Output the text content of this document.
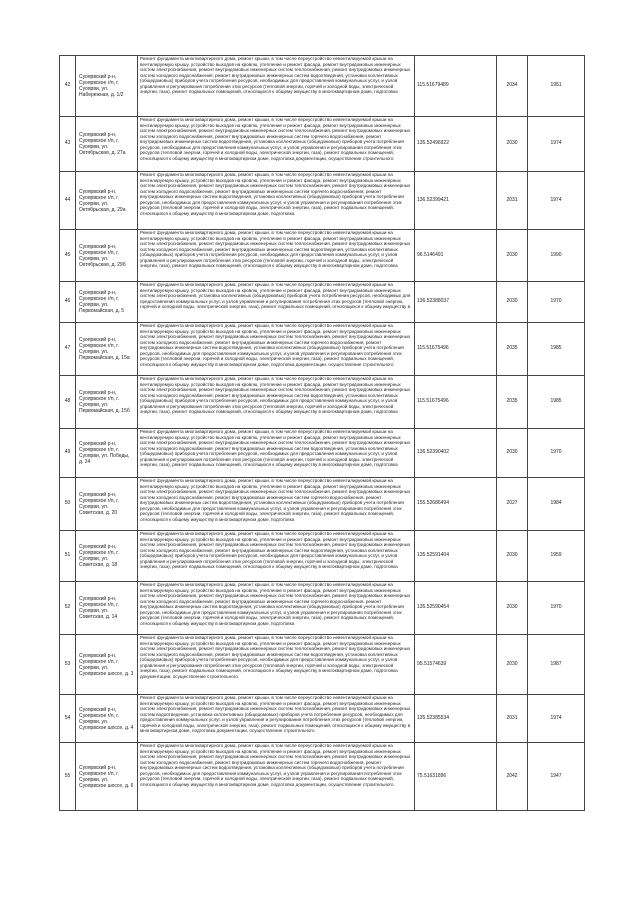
42	Суоярвский р-н, Суоярвское г/п, г. Суоярви, ул. Набережная, д. 1/2	Ремонт фундамента многоквартирного дома, ремонт крыши, в том числе переустройство невентилируемой крыши на вентилируемую крышу, устройство выходов на кровлю, утепление и ремонт фасада, ремонт внутридомовых инженерных систем электроснабжения, ремонт внутридомовых инженерных систем теплоснабжения, ремонт внутридомовых инженерных систем холодного водоснабжения, ремонт внутридомовых инженерных систем водоотведения, установка коллективных (общедомовых) приборов учета потребления ресурсов, необходимых для предоставления коммунальных услуг, и узлов управления и регулирования потребления этих ресурсов (тепловой энергии, горячей и холодной воды, электрической энергии, газа), ремонт подвальных помещений, относящихся к общему имуществу в многоквартирном доме, подготовка	115.51679489	2034	1951
43	Суоярвский р-н, Суоярвское г/п, г. Суоярви, ул. Октябрьская, д. 27а	Ремонт фундамента многоквартирного дома, ремонт крыши, в том числе переустройство невентилируемой крыши на вентилируемую крышу, устройство выходов на кровлю, утепление и ремонт фасада, ремонт внутридомовых инженерных систем электроснабжения, ремонт внутридомовых инженерных систем теплоснабжения, ремонт внутридомовых инженерных систем холодного водоснабжения, ремонт внутридомовых инженерных систем горячего водоснабжения, ремонт внутридомовых инженерных систем водоотведения, установка коллективных (общедомовых) приборов учета потребления ресурсов, необходимых для предоставления коммунальных услуг, и узлов управления и регулирования потребления этих ресурсов (тепловой энергии, горячей и холодной воды, электрической энергии, газа), ремонт подвальных помещений, относящихся к общему имуществу в многоквартирном доме, подготовка документации, осуществление строительного	135.52496922	2030	1974
44	Суоярвский р-н, Суоярвское г/п, г. Суоярви, ул. Октябрьская, д. 29а	Ремонт фундамента многоквартирного дома, ремонт крыши, в том числе переустройство невентилируемой крыши на вентилируемую крышу, устройство выходов на кровлю, утепление и ремонт фасада, ремонт внутридомовых инженерных систем электроснабжения, ремонт внутридомовых инженерных систем теплоснабжения, ремонт внутридомовых инженерных систем холодного водоснабжения, ремонт внутридомовых инженерных систем горячего водоснабжения, ремонт внутридомовых инженерных систем водоотведения, установка коллективных (общедомовых) приборов учета потребления ресурсов, необходимых для предоставления коммунальных услуг, и узлов управления и регулирования потребления этих ресурсов (тепловой энергии, горячей и холодной воды, электрической энергии, газа), ремонт подвальных помещений, относящихся к общему имуществу в многоквартирном доме, подготовка	136.52399421	2031	1974
45	Суоярвский р-н, Суоярвское г/п, г. Суоярви, ул. Октябрьская, д. 29б	Ремонт фундамента многоквартирного дома, ремонт крыши, в том числе переустройство невентилируемой крыши на вентилируемую крышу, устройство выходов на кровлю, утепление и ремонт фасада, ремонт внутридомовых инженерных систем электроснабжения, ремонт внутридомовых инженерных систем теплоснабжения, ремонт внутридомовых инженерных систем холодного водоснабжения, ремонт внутридомовых инженерных систем водоотведения, установка коллективных (общедомовых) приборов учета потребления ресурсов, необходимых для предоставления коммунальных услуг, и узлов управления и регулирования потребления этих ресурсов (тепловой энергии, горячей и холодной воды, электрической энергии, газа), ремонт подвальных помещений, относящихся к общему имуществу в многоквартирном доме, подготовка	96.5146491	2030	1990
46	Суоярвский р-н, Суоярвское г/п, г. Суоярви, ул. Первомайская, д. 5	Ремонт фундамента многоквартирного дома, ремонт крыши, в том числе переустройство невентилируемой крыши на вентилируемую крышу, устройство выходов на кровлю, утепление и ремонт фасада, ремонт внутридомовых инженерных систем электроснабжения, установка коллективных (общедомовых) приборов учета потребления ресурсов, необходимых для предоставления коммунальных услуг, и узлов управления и регулирования потребления этих ресурсов (тепловой энергии, горячей и холодной воды, электрической энергии, газа), ремонт подвальных помещений, относящихся к общему имуществу в	136.52388037	2030	1970
47	Суоярвский р-н, Суоярвское г/п, г. Суоярви, ул. Первомайская, д. 15а	Ремонт фундамента многоквартирного дома, ремонт крыши, в том числе переустройство невентилируемой крыши на вентилируемую крышу, устройство выходов на кровлю, утепление и ремонт фасада, ремонт внутридомовых инженерных систем электроснабжения, ремонт внутридомовых инженерных систем теплоснабжения, ремонт внутридомовых инженерных систем холодного водоснабжения, ремонт внутридомовых инженерных систем горячего водоснабжения, ремонт внутридомовых инженерных систем водоотведения, установка коллективных (общедомовых) приборов учета потребления ресурсов, необходимых для предоставления коммунальных услуг, и узлов управления и регулирования потребления этих ресурсов (тепловой энергии, горячей и холодной воды, электрической энергии, газа), ремонт подвальных помещений, относящихся к общему имуществу в многоквартирном доме, подготовка документации, осуществление строительного	115.51675496	2035	1985
48	Суоярвский р-н, Суоярвское г/п, г. Суоярви, ул. Первомайская, д. 15б	Ремонт фундамента многоквартирного дома, ремонт крыши, в том числе переустройство невентилируемой крыши на вентилируемую крышу, устройство выходов на кровлю, утепление и ремонт фасада, ремонт внутридомовых инженерных систем электроснабжения, ремонт внутридомовых инженерных систем теплоснабжения, ремонт внутридомовых инженерных систем холодного водоснабжения, ремонт внутридомовых инженерных систем водоотведения, установка коллективных (общедомовых) приборов учета потребления ресурсов, необходимых для предоставления коммунальных услуг, и узлов управления и регулирования потребления этих ресурсов (тепловой энергии, горячей и холодной воды, электрической энергии, газа), ремонт подвальных помещений, относящихся к общему имуществу в многоквартирном доме, подготовка	115.51675496	2035	1985
49	Суоярвский р-н, Суоярвское г/п, г. Суоярви, ул. Победы, д. 24	Ремонт фундамента многоквартирного дома, ремонт крыши, в том числе переустройство невентилируемой крыши на вентилируемую крышу, устройство выходов на кровлю, утепление и ремонт фасада, ремонт внутридомовых инженерных систем электроснабжения, ремонт внутридомовых инженерных систем теплоснабжения, ремонт внутридомовых инженерных систем холодного водоснабжения, ремонт внутридомовых инженерных систем водоотведения, установка коллективных (общедомовых) приборов учета потребления ресурсов, необходимых для предоставления коммунальных услуг, и узлов управления и регулирования потребления этих ресурсов (тепловой энергии, горячей и холодной воды, электрической энергии, газа), ремонт подвальных помещений, относящихся к общему имуществу в многоквартирном доме, подготовка	136.52390402	2030	1970
50	Суоярвский р-н, Суоярвское г/п, г. Суоярви, ул. Советская, д. 20	Ремонт фундамента многоквартирного дома, ремонт крыши, в том числе переустройство невентилируемой крыши на вентилируемую крышу, устройство выходов на кровлю, утепление и ремонт фасада, ремонт внутридомовых инженерных систем электроснабжения, ремонт внутридомовых инженерных систем теплоснабжения, ремонт внутридомовых инженерных систем холодного водоснабжения, ремонт внутридомовых инженерных систем горячего водоснабжения, ремонт внутридомовых инженерных систем водоотведения, установка коллективных (общедомовых) приборов учета потребления ресурсов, необходимых для предоставления коммунальных услуг, и узлов управления и регулирования потребления этих ресурсов (тепловой энергии, горячей и холодной воды, электрической энергии, газа), ремонт подвальных помещений, относящихся к общему имуществу в многоквартирном доме, подготовка	155.52686494	2027	1984
51	Суоярвский р-н, Суоярвское г/п, г. Суоярви, ул. Советская, д. 18	Ремонт фундамента многоквартирного дома, ремонт крыши, в том числе переустройство невентилируемой крыши на вентилируемую крышу, устройство выходов на кровлю, утепление и ремонт фасада, ремонт внутридомовых инженерных систем электроснабжения, ремонт внутридомовых инженерных систем теплоснабжения, ремонт внутридомовых инженерных систем холодного водоснабжения, ремонт внутридомовых инженерных систем водоотведения, установка коллективных (общедомовых) приборов учета потребления ресурсов, необходимых для предоставления коммунальных услуг, и узлов управления и регулирования потребления этих ресурсов (тепловой энергии, горячей и холодной воды, электрической энергии, газа), ремонт подвальных помещений, относящихся к общему имуществу в многоквартирном доме, подготовка	135.52591404	2030	1959
52	Суоярвский р-н, Суоярвское г/п, г. Суоярви, ул. Советская, д. 14	Ремонт фундамента многоквартирного дома, ремонт крыши, в том числе переустройство невентилируемой крыши на вентилируемую крышу, устройство выходов на кровлю, утепление и ремонт фасада, ремонт внутридомовых инженерных систем электроснабжения, ремонт внутридомовых инженерных систем теплоснабжения, ремонт внутридомовых инженерных систем холодного водоснабжения, ремонт внутридомовых инженерных систем горячего водоснабжения, ремонт внутридомовых инженерных систем водоотведения, установка коллективных (общедомовых) приборов учета потребления ресурсов, необходимых для предоставления коммунальных услуг, и узлов управления и регулирования потребления этих ресурсов (тепловой энергии, горячей и холодной воды, электрической энергии, газа), ремонт подвальных помещений, относящихся к общему имуществу в многоквартирном доме, подготовка	135.52590454	2030	1970
53	Суоярвский р-н, Суоярвское г/п, г. Суоярви, ул. Суоярвское шоссе, д. 3	Ремонт фундамента многоквартирного дома, ремонт крыши, в том числе переустройство невентилируемой крыши на вентилируемую крышу, устройство выходов на кровлю, утепление и ремонт фасада, ремонт внутридомовых инженерных систем электроснабжения, ремонт внутридомовых инженерных систем теплоснабжения, ремонт внутридомовых инженерных систем холодного водоснабжения, ремонт внутридомовых инженерных систем водоотведения, установка коллективных (общедомовых) приборов учета потребления ресурсов, необходимых для предоставления коммунальных услуг, и узлов управления и регулирования потребления этих ресурсов (тепловой энергии, горячей и холодной воды, электрической энергии, газа), ремонт подвальных помещений, относящихся к общему имуществу в многоквартирном доме, подготовка документации, осуществление строительного	95.51574639	2030	1987
54	Суоярвский р-н, Суоярвское г/п, г. Суоярви, ул. Суоярвское шоссе, д. 4	Ремонт фундамента многоквартирного дома, ремонт крыши, в том числе переустройство невентилируемой крыши на вентилируемую крышу, устройство выходов на кровлю, утепление и ремонт фасада, ремонт внутридомовых инженерных систем электроснабжения, ремонт внутридомовых инженерных систем теплоснабжения, ремонт внутридомовых инженерных систем водоотведения, установка коллективных (общедомовых) приборов учета потребления ресурсов, необходимых для предоставления коммунальных услуг, и узлов управления и регулирования потребления этих ресурсов (тепловой энергии, горячей и холодной воды, электрической энергии, газа), ремонт подвальных помещений, относящихся к общему имуществу в многоквартирном доме, подготовка документации, осуществление строительного	135.52385534	2031	1974
55	Суоярвский р-н, Суоярвское г/п, г. Суоярви, ул. Суоярвское шоссе, д. 6	Ремонт фундамента многоквартирного дома, ремонт крыши, в том числе переустройство невентилируемой крыши на вентилируемую крышу, устройство выходов на кровлю, утепление и ремонт фасада, ремонт внутридомовых инженерных систем электроснабжения, ремонт внутридомовых инженерных систем теплоснабжения, ремонт внутридомовых инженерных систем холодного водоснабжения, ремонт внутридомовых инженерных систем горячего водоснабжения, ремонт внутридомовых инженерных систем водоотведения, установка коллективных (общедомовых) приборов учета потребления ресурсов, необходимых для предоставления коммунальных услуг, и узлов управления и регулирования потребления этих ресурсов (тепловой энергии, горячей и холодной воды, электрической энергии, газа), ремонт подвальных помещений, относящихся к общему имуществу в многоквартирном доме, подготовка документации, осуществление строительного	75.51631896	2042	1947
